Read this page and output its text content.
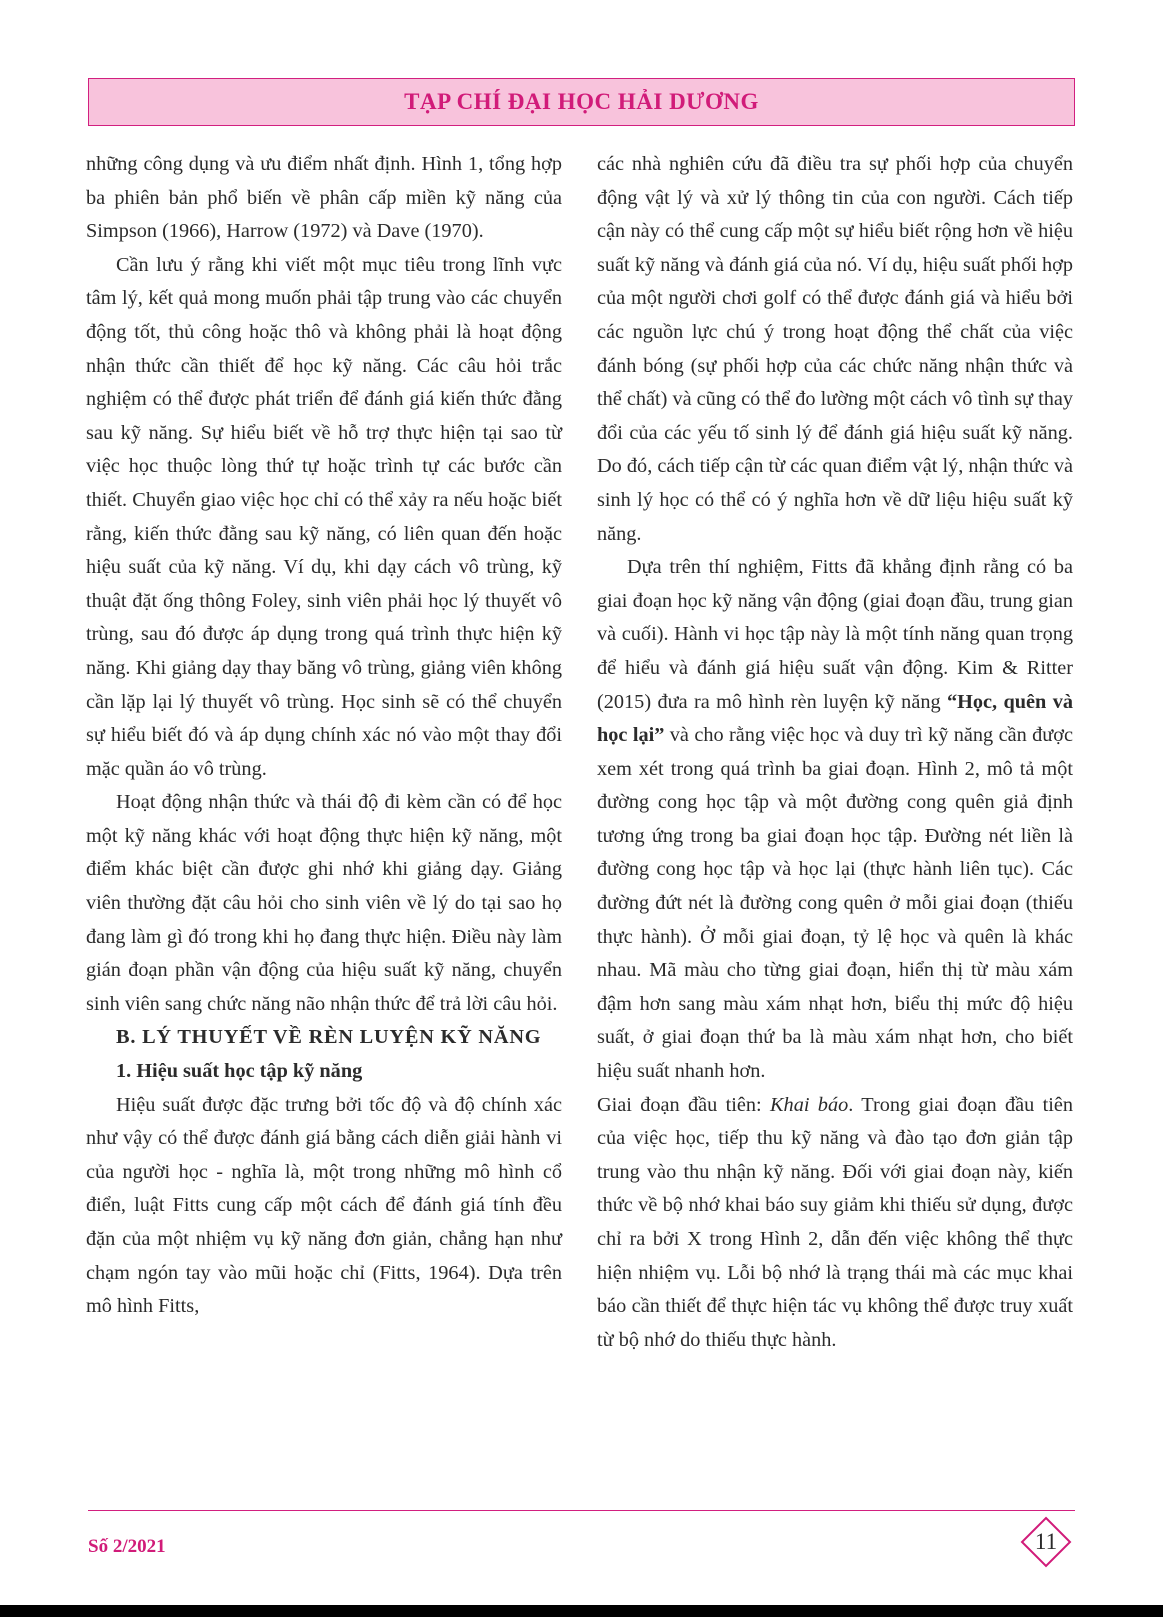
TẠP CHÍ ĐẠI HỌC HẢI DƯƠNG

những công dụng và ưu điểm nhất định. Hình 1, tổng hợp ba phiên bản phổ biến về phân cấp miền kỹ năng của Simpson (1966), Harrow (1972) và Dave (1970).

Cần lưu ý rằng khi viết một mục tiêu trong lĩnh vực tâm lý, kết quả mong muốn phải tập trung vào các chuyển động tốt, thủ công hoặc thô và không phải là hoạt động nhận thức cần thiết để học kỹ năng. Các câu hỏi trắc nghiệm có thể được phát triển để đánh giá kiến thức đằng sau kỹ năng. Sự hiểu biết về hỗ trợ thực hiện tại sao từ việc học thuộc lòng thứ tự hoặc trình tự các bước cần thiết. Chuyển giao việc học chỉ có thể xảy ra nếu hoặc biết rằng, kiến thức đằng sau kỹ năng, có liên quan đến hoặc hiệu suất của kỹ năng. Ví dụ, khi dạy cách vô trùng, kỹ thuật đặt ống thông Foley, sinh viên phải học lý thuyết vô trùng, sau đó được áp dụng trong quá trình thực hiện kỹ năng. Khi giảng dạy thay băng vô trùng, giảng viên không cần lặp lại lý thuyết vô trùng. Học sinh sẽ có thể chuyển sự hiểu biết đó và áp dụng chính xác nó vào một thay đổi mặc quần áo vô trùng.

Hoạt động nhận thức và thái độ đi kèm cần có để học một kỹ năng khác với hoạt động thực hiện kỹ năng, một điểm khác biệt cần được ghi nhớ khi giảng dạy. Giảng viên thường đặt câu hỏi cho sinh viên về lý do tại sao họ đang làm gì đó trong khi họ đang thực hiện. Điều này làm gián đoạn phần vận động của hiệu suất kỹ năng, chuyển sinh viên sang chức năng não nhận thức để trả lời câu hỏi.

B. LÝ THUYẾT VỀ RÈN LUYỆN KỸ NĂNG

1. Hiệu suất học tập kỹ năng

Hiệu suất được đặc trưng bởi tốc độ và độ chính xác như vậy có thể được đánh giá bằng cách diễn giải hành vi của người học - nghĩa là, một trong những mô hình cổ điển, luật Fitts cung cấp một cách để đánh giá tính đều đặn của một nhiệm vụ kỹ năng đơn giản, chẳng hạn như chạm ngón tay vào mũi hoặc chỉ (Fitts, 1964). Dựa trên mô hình Fitts,

các nhà nghiên cứu đã điều tra sự phối hợp của chuyển động vật lý và xử lý thông tin của con người. Cách tiếp cận này có thể cung cấp một sự hiểu biết rộng hơn về hiệu suất kỹ năng và đánh giá của nó. Ví dụ, hiệu suất phối hợp của một người chơi golf có thể được đánh giá và hiểu bởi các nguồn lực chú ý trong hoạt động thể chất của việc đánh bóng (sự phối hợp của các chức năng nhận thức và thể chất) và cũng có thể đo lường một cách vô tình sự thay đổi của các yếu tố sinh lý để đánh giá hiệu suất kỹ năng. Do đó, cách tiếp cận từ các quan điểm vật lý, nhận thức và sinh lý học có thể có ý nghĩa hơn về dữ liệu hiệu suất kỹ năng.

Dựa trên thí nghiệm, Fitts đã khẳng định rằng có ba giai đoạn học kỹ năng vận động (giai đoạn đầu, trung gian và cuối). Hành vi học tập này là một tính năng quan trọng để hiểu và đánh giá hiệu suất vận động. Kim & Ritter (2015) đưa ra mô hình rèn luyện kỹ năng “Học, quên và học lại” và cho rằng việc học và duy trì kỹ năng cần được xem xét trong quá trình ba giai đoạn. Hình 2, mô tả một đường cong học tập và một đường cong quên giả định tương ứng trong ba giai đoạn học tập. Đường nét liền là đường cong học tập và học lại (thực hành liên tục). Các đường đứt nét là đường cong quên ở mỗi giai đoạn (thiếu thực hành). Ở mỗi giai đoạn, tỷ lệ học và quên là khác nhau. Mã màu cho từng giai đoạn, hiển thị từ màu xám đậm hơn sang màu xám nhạt hơn, biểu thị mức độ hiệu suất, ở giai đoạn thứ ba là màu xám nhạt hơn, cho biết hiệu suất nhanh hơn.

Giai đoạn đầu tiên: Khai báo. Trong giai đoạn đầu tiên của việc học, tiếp thu kỹ năng và đào tạo đơn giản tập trung vào thu nhận kỹ năng. Đối với giai đoạn này, kiến thức về bộ nhớ khai báo suy giảm khi thiếu sử dụng, được chỉ ra bởi X trong Hình 2, dẫn đến việc không thể thực hiện nhiệm vụ. Lỗi bộ nhớ là trạng thái mà các mục khai báo cần thiết để thực hiện tác vụ không thể được truy xuất từ bộ nhớ do thiếu thực hành.

Số 2/2021	11
